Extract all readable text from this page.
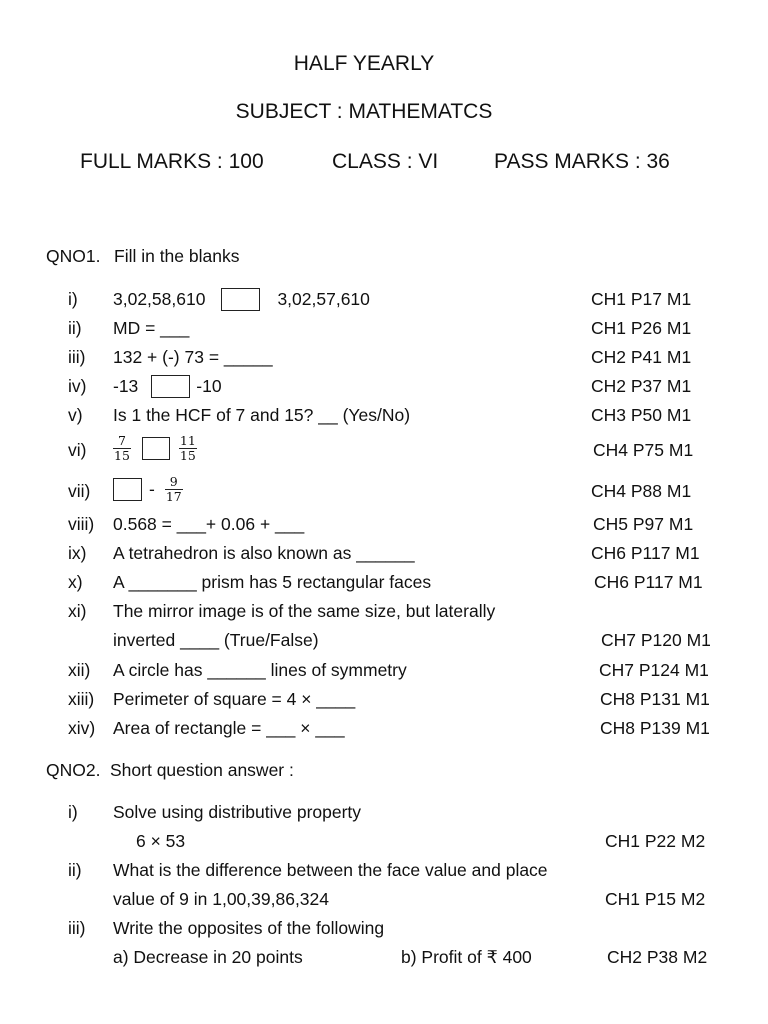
HALF YEARLY
SUBJECT : MATHEMATCS
FULL MARKS : 100	CLASS : VI	PASS MARKS : 36
QNO1. Fill in the blanks
i) 3,02,58,610	3,02,57,610	CH1 P17 M1
ii) MD = ___	CH1 P26 M1
iii) 132 + (-) 73 = _____	CH2 P41 M1
iv) -13	-10	CH2 P37 M1
v) Is 1 the HCF of 7 and 15? __ (Yes/No)	CH3 P50 M1
$vi) \frac{7}{15}$	$\frac{11}{15}$	CH4 P75 M1
vii)	- $\frac{9}{17}$	CH4 P88 M1
viii) 0.568 = ___+ 0.06 + ___	CH5 P97 M1
ix) A tetrahedron is also known as ______	CH6 P117 M1
x) A _______ prism has 5 rectangular faces	CH6 P117 M1
xi) The mirror image is of the same size, but laterally
inverted ____ (True/False)	CH7 P120 M1
xii) A circle has ______ lines of symmetry	CH7 P124 M1
xiii) Perimeter of square = 4 × ____	CH8 P131 M1
xiv) Area of rectangle = ___ × ___	CH8 P139 M1
QNO2. Short question answer :
i) Solve using distributive property
6 × 53	CH1 P22 M2
ii) What is the difference between the face value and place
value of 9 in 1,00,39,86,324	CH1 P15 M2
iii) Write the opposites of the following
a) Decrease in 20 points	b) Profit of ₹ 400	CH2 P38 M2
